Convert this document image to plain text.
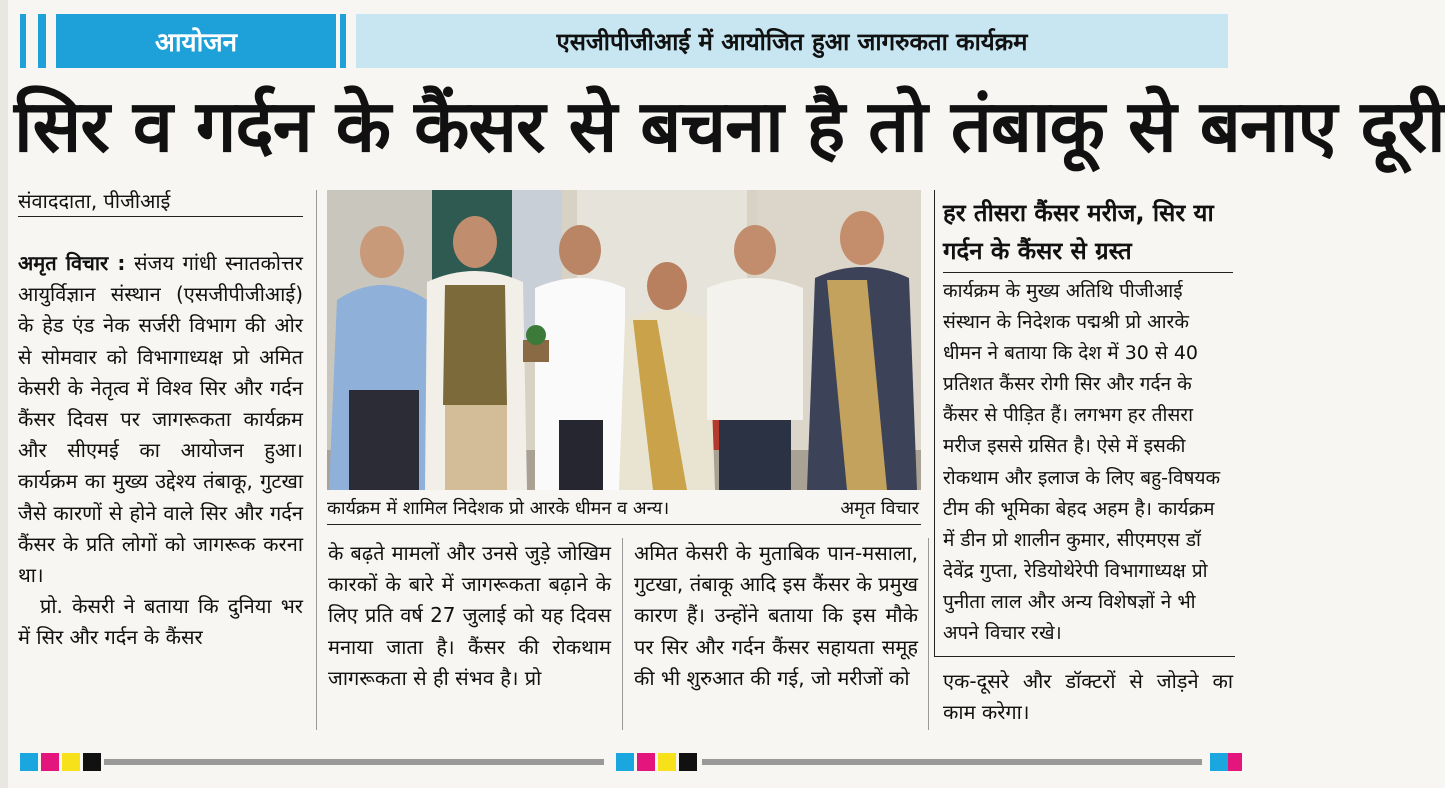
आयोजन	एसजीपीजीआई में आयोजित हुआ जागरुकता कार्यक्रम
सिर व गर्दन के कैंसर से बचना है तो तंबाकू से बनाए दूरी
संवाददाता, पीजीआई

अमृत विचार : संजय गांधी स्नातकोत्तर आयुर्विज्ञान संस्थान (एसजीपीजीआई) के हेड एंड नेक सर्जरी विभाग की ओर से सोमवार को विभागाध्यक्ष प्रो अमित केसरी के नेतृत्व में विश्व सिर और गर्दन कैंसर दिवस पर जागरूकता कार्यक्रम और सीएमई का आयोजन हुआ। कार्यक्रम का मुख्य उद्देश्य तंबाकू, गुटखा जैसे कारणों से होने वाले सिर और गर्दन कैंसर के प्रति लोगों को जागरूक करना था।

प्रो. केसरी ने बताया कि दुनिया भर में सिर और गर्दन के कैंसर

कार्यक्रम में शामिल निदेशक प्रो आरके धीमन व अन्य।	अमृत विचार
के बढ़ते मामलों और उनसे जुड़े जोखिम कारकों के बारे में जागरूकता बढ़ाने के लिए प्रति वर्ष 27 जुलाई को यह दिवस मनाया जाता है। कैंसर की रोकथाम जागरूकता से ही संभव है। प्रो
अमित केसरी के मुताबिक पान-मसाला, गुटखा, तंबाकू आदि इस कैंसर के प्रमुख कारण हैं। उन्होंने बताया कि इस मौके पर सिर और गर्दन कैंसर सहायता समूह की भी शुरुआत की गई, जो मरीजों को
हर तीसरा कैंसर मरीज, सिर या गर्दन के कैंसर से ग्रस्त
कार्यक्रम के मुख्य अतिथि पीजीआई संस्थान के निदेशक पद्मश्री प्रो आरके धीमन ने बताया कि देश में 30 से 40 प्रतिशत कैंसर रोगी सिर और गर्दन के कैंसर से पीड़ित हैं। लगभग हर तीसरा मरीज इससे ग्रसित है। ऐसे में इसकी रोकथाम और इलाज के लिए बहु-विषयक टीम की भूमिका बेहद अहम है। कार्यक्रम में डीन प्रो शालीन कुमार, सीएमएस डॉ देवेंद्र गुप्ता, रेडियोथेरेपी विभागाध्यक्ष प्रो पुनीता लाल और अन्य विशेषज्ञों ने भी अपने विचार रखे।
एक-दूसरे और डॉक्टरों से जोड़ने का काम करेगा।
